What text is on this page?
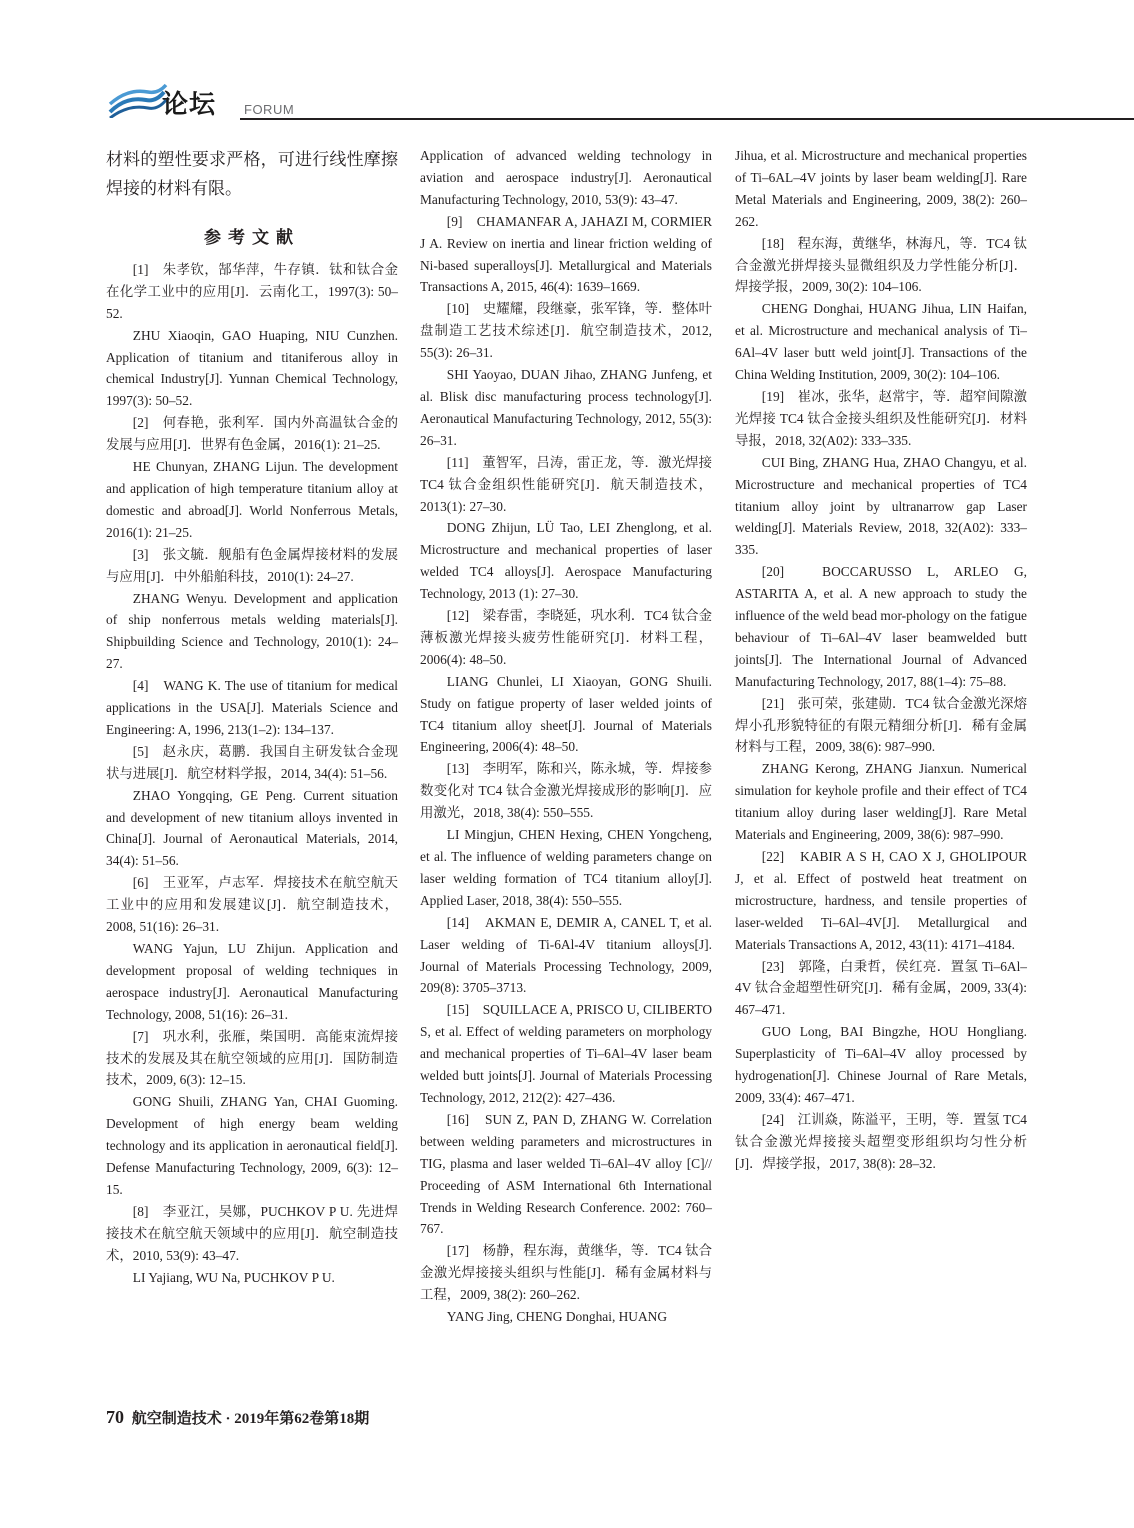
论坛 FORUM

材料的塑性要求严格，可进行线性摩擦焊接的材料有限。

参考文献

[1]　朱孝钦，郜华萍，牛存镇．钛和钛合金在化学工业中的应用[J]．云南化工，1997(3): 50–52.

ZHU Xiaoqin, GAO Huaping, NIU Cunzhen. Application of titanium and titaniferous alloy in chemical Industry[J]. Yunnan Chemical Technology, 1997(3): 50–52.

[2]　何春艳，张利军．国内外高温钛合金的发展与应用[J]．世界有色金属，2016(1): 21–25.

HE Chunyan, ZHANG Lijun. The development and application of high temperature titanium alloy at domestic and abroad[J]. World Nonferrous Metals, 2016(1): 21–25.

[3]　张文毓．舰船有色金属焊接材料的发展与应用[J]．中外船舶科技，2010(1): 24–27.

ZHANG Wenyu. Development and application of ship nonferrous metals welding materials[J]. Shipbuilding Science and Technology, 2010(1): 24–27.

[4]　WANG K. The use of titanium for medical applications in the USA[J]. Materials Science and Engineering: A, 1996, 213(1–2): 134–137.

[5]　赵永庆，葛鹏．我国自主研发钛合金现状与进展[J]．航空材料学报，2014, 34(4): 51–56.

ZHAO Yongqing, GE Peng. Current situation and development of new titanium alloys invented in China[J]. Journal of Aeronautical Materials, 2014, 34(4): 51–56.

[6]　王亚军，卢志军．焊接技术在航空航天工业中的应用和发展建议[J]．航空制造技术，2008, 51(16): 26–31.

WANG Yajun, LU Zhijun. Application and development proposal of welding techniques in aerospace industry[J]. Aeronautical Manufacturing Technology, 2008, 51(16): 26–31.

[7]　巩水利，张雁，柴国明．高能束流焊接技术的发展及其在航空领域的应用[J]．国防制造技术，2009, 6(3): 12–15.

GONG Shuili, ZHANG Yan, CHAI Guoming. Development of high energy beam welding technology and its application in aeronautical field[J]. Defense Manufacturing Technology, 2009, 6(3): 12–15.

[8]　李亚江，吴娜，PUCHKOV P U. 先进焊接技术在航空航天领域中的应用[J]．航空制造技术，2010, 53(9): 43–47.

LI Yajiang, WU Na, PUCHKOV P U.

Application of advanced welding technology in aviation and aerospace industry[J]. Aeronautical Manufacturing Technology, 2010, 53(9): 43–47.

[9]　CHAMANFAR A, JAHAZI M, CORMIER J A. Review on inertia and linear friction welding of Ni-based superalloys[J]. Metallurgical and Materials Transactions A, 2015, 46(4): 1639–1669.

[10]　史耀耀，段继豪，张军锋，等．整体叶盘制造工艺技术综述[J]．航空制造技术，2012, 55(3): 26–31.

SHI Yaoyao, DUAN Jihao, ZHANG Junfeng, et al. Blisk disc manufacturing process technology[J]. Aeronautical Manufacturing Technology, 2012, 55(3): 26–31.

[11]　董智军，吕涛，雷正龙，等．激光焊接 TC4 钛合金组织性能研究[J]．航天制造技术，2013(1): 27–30.

DONG Zhijun, LÜ Tao, LEI Zhenglong, et al. Microstructure and mechanical properties of laser welded TC4 alloys[J]. Aerospace Manufacturing Technology, 2013 (1): 27–30.

[12]　梁春雷，李晓延，巩水利．TC4 钛合金薄板激光焊接头疲劳性能研究[J]．材料工程，2006(4): 48–50.

LIANG Chunlei, LI Xiaoyan, GONG Shuili. Study on fatigue property of laser welded joints of TC4 titanium alloy sheet[J]. Journal of Materials Engineering, 2006(4): 48–50.

[13]　李明军，陈和兴，陈永城，等．焊接参数变化对 TC4 钛合金激光焊接成形的影响[J]．应用激光，2018, 38(4): 550–555.

LI Mingjun, CHEN Hexing, CHEN Yongcheng, et al. The influence of welding parameters change on laser welding formation of TC4 titanium alloy[J]. Applied Laser, 2018, 38(4): 550–555.

[14]　AKMAN E, DEMIR A, CANEL T, et al. Laser welding of Ti-6Al-4V titanium alloys[J]. Journal of Materials Processing Technology, 2009, 209(8): 3705–3713.

[15]　SQUILLACE A, PRISCO U, CILIBERTO S, et al. Effect of welding parameters on morphology and mechanical properties of Ti–6Al–4V laser beam welded butt joints[J]. Journal of Materials Processing Technology, 2012, 212(2): 427–436.

[16]　SUN Z, PAN D, ZHANG W. Correlation between welding parameters and microstructures in TIG, plasma and laser welded Ti–6Al–4V alloy [C]// Proceeding of ASM International 6th International Trends in Welding Research Conference. 2002: 760–767.

[17]　杨静，程东海，黄继华，等．TC4 钛合金激光焊接接头组织与性能[J]．稀有金属材料与工程，2009, 38(2): 260–262.

YANG Jing, CHENG Donghai, HUANG

Jihua, et al. Microstructure and mechanical properties of Ti–6AL–4V joints by laser beam welding[J]. Rare Metal Materials and Engineering, 2009, 38(2): 260–262.

[18]　程东海，黄继华，林海凡，等．TC4 钛合金激光拼焊接头显微组织及力学性能分析[J]．焊接学报，2009, 30(2): 104–106.

CHENG Donghai, HUANG Jihua, LIN Haifan, et al. Microstructure and mechanical analysis of Ti–6Al–4V laser butt weld joint[J]. Transactions of the China Welding Institution, 2009, 30(2): 104–106.

[19]　崔冰，张华，赵常宇，等．超窄间隙激光焊接 TC4 钛合金接头组织及性能研究[J]．材料导报，2018, 32(A02): 333–335.

CUI Bing, ZHANG Hua, ZHAO Changyu, et al. Microstructure and mechanical properties of TC4 titanium alloy joint by ultranarrow gap Laser welding[J]. Materials Review, 2018, 32(A02): 333–335.

[20]　BOCCARUSSO L, ARLEO G, ASTARITA A, et al. A new approach to study the influence of the weld bead mor-phology on the fatigue behaviour of Ti–6Al–4V laser beamwelded butt joints[J]. The International Journal of Advanced Manufacturing Technology, 2017, 88(1–4): 75–88.

[21]　张可荣，张建勋．TC4 钛合金激光深熔焊小孔形貌特征的有限元精细分析[J]．稀有金属材料与工程，2009, 38(6): 987–990.

ZHANG Kerong, ZHANG Jianxun. Numerical simulation for keyhole profile and their effect of TC4 titanium alloy during laser welding[J]. Rare Metal Materials and Engineering, 2009, 38(6): 987–990.

[22]　KABIR A S H, CAO X J, GHOLIPOUR J, et al. Effect of postweld heat treatment on microstructure, hardness, and tensile properties of laser-welded Ti–6Al–4V[J]. Metallurgical and Materials Transactions A, 2012, 43(11): 4171–4184.

[23]　郭隆，白秉哲，侯红亮．置氢 Ti–6Al–4V 钛合金超塑性研究[J]．稀有金属，2009, 33(4): 467–471.

GUO Long, BAI Bingzhe, HOU Hongliang. Superplasticity of Ti–6Al–4V alloy processed by hydrogenation[J]. Chinese Journal of Rare Metals, 2009, 33(4): 467–471.

[24]　江训焱，陈溢平，王明，等．置氢 TC4 钛合金激光焊接接头超塑变形组织均匀性分析[J]．焊接学报，2017, 38(8): 28–32.

70 航空制造技术 · 2019年第62卷第18期
